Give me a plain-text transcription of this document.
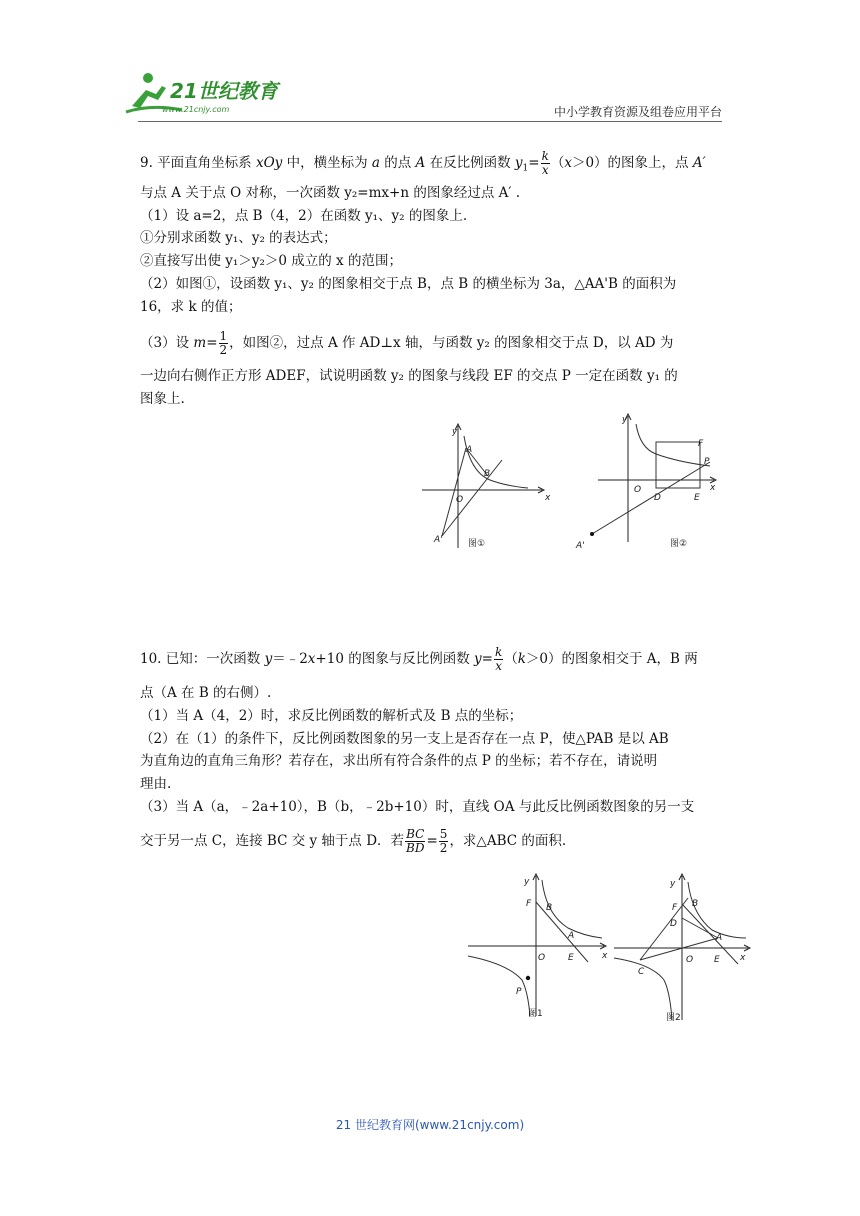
21世纪教育
www.21cnjy.com	中小学教育资源及组卷应用平台
9. 平面直角坐标系 xOy 中，横坐标为 a 的点 A 在反比例函数 $y_1= \frac{k}{x} (x>0)$的图象上，点 A′
与点 A 关于点 O 对称，一次函数 y₂=mx+n 的图象经过点 A′ .
（1）设 a=2，点 B（4，2）在函数 y₁、y₂ 的图象上.
①分别求函数 y₁、y₂ 的表达式；
②直接写出使 y₁＞y₂＞0 成立的 x 的范围；
（2）如图①，设函数 y₁、y₂ 的图象相交于点 B，点 B 的横坐标为 3a，△AA'B 的面积为
16，求 k 的值；
（3）设 $m= \frac{1}{2}$ ，如图②，过点 A 作 AD⊥x 轴，与函数 y₂ 的图象相交于点 D，以 AD 为
一边向右侧作正方形 ADEF，试说明函数 y₂ 的图象与线段 EF 的交点 P 一定在函数 y₁ 的
图象上.
y
x
O
A
B
A'	图①
y
x
O
F
P
D	E
A'	图②
10. 已知：一次函数 y＝﹣2x+10 的图象与反比例函数 $y= \frac{k}{x} (k>0)$的图象相交于 A，B 两
点（A 在 B 的右侧）.
（1）当 A（4，2）时，求反比例函数的解析式及 B 点的坐标；
（2）在（1）的条件下，反比例函数图象的另一支上是否存在一点 P，使△PAB 是以 AB
为直角边的直角三角形？若存在，求出所有符合条件的点 P 的坐标；若不存在，请说明
理由.
（3）当 A（a，﹣2a+10），B（b，﹣2b+10）时，直线 OA 与此反比例函数图象的另一支
交于另一点 C，连接 BC 交 y 轴于点 D．若 $\frac{BC}{BD} = \frac{5}{2}$ ，求△ABC 的面积.
y
x
O
F B
A
E
P
图1
y
x
O
F B
D
A
E
C
图2
21 世纪教育网(www.21cnjy.com)
